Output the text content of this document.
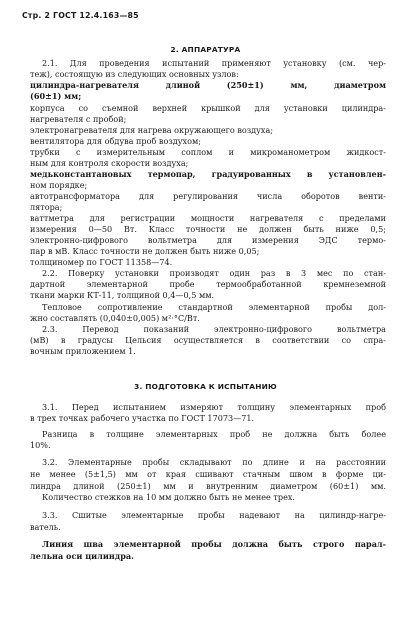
Стр. 2 ГОСТ 12.4.163—85
2. АППАРАТУРА
2.1. Для проведения испытаний применяют установку (см. чер-
теж), состоящую из следующих основных узлов:
цилиндра-нагревателя длиной (250±1) мм, диаметром
(60±1) мм;
корпуса со съемной верхней крышкой для установки цилиндра-
нагревателя с пробой;
электронагревателя для нагрева окружающего воздуха;
вентилятора для обдува проб воздухом;
трубки с измерительным соплом и микроманометром жидкост-
ным для контроля скорости воздуха;
медьконстантановых термопар, градуированных в установлен-
ном порядке;
автотрансформатора для регулирования числа оборотов венти-
лятора;
ваттметра для регистрации мощности нагревателя с пределами
измерения 0—50 Вт. Класс точности не должен быть ниже 0,5;
электронно-цифрового вольтметра для измерения ЭДС термо-
пар в мВ. Класс точности не должен быть ниже 0,05;
толщиномер по ГОСТ 11358—74.
2.2. Поверку установки производят один раз в 3 мес по стан-
дартной элементарной пробе термообработанной кремнеземной
ткани марки КТ-11, толщиной 0,4—0,5 мм.
Тепловое сопротивление стандартной элементарной пробы дол-
жно составлять (0,040±0,005) м²·°С/Вт.
2.3. Перевод показаний электронно-цифрового вольтметра
(мВ) в градусы Цельсия осуществляется в соответствии со спра-
вочным приложением 1.
3. ПОДГОТОВКА К ИСПЫТАНИЮ
3.1. Перед испытанием измеряют толщину элементарных проб
в трех точках рабочего участка по ГОСТ 17073—71.
Разница в толщине элементарных проб не должна быть более
10%.
3.2. Элементарные пробы складывают по длине и на расстоянии
не менее (5±1,5) мм от края сшивают стачным швом в форме ци-
линдра длиной (250±1) мм и внутренним диаметром (60±1) мм.
Количество стежков на 10 мм должно быть не менее трех.
3.3. Сшитые элементарные пробы надевают на цилиндр-нагре-
ватель.
Линия шва элементарной пробы должна быть строго парал-
лельна оси цилиндра.
